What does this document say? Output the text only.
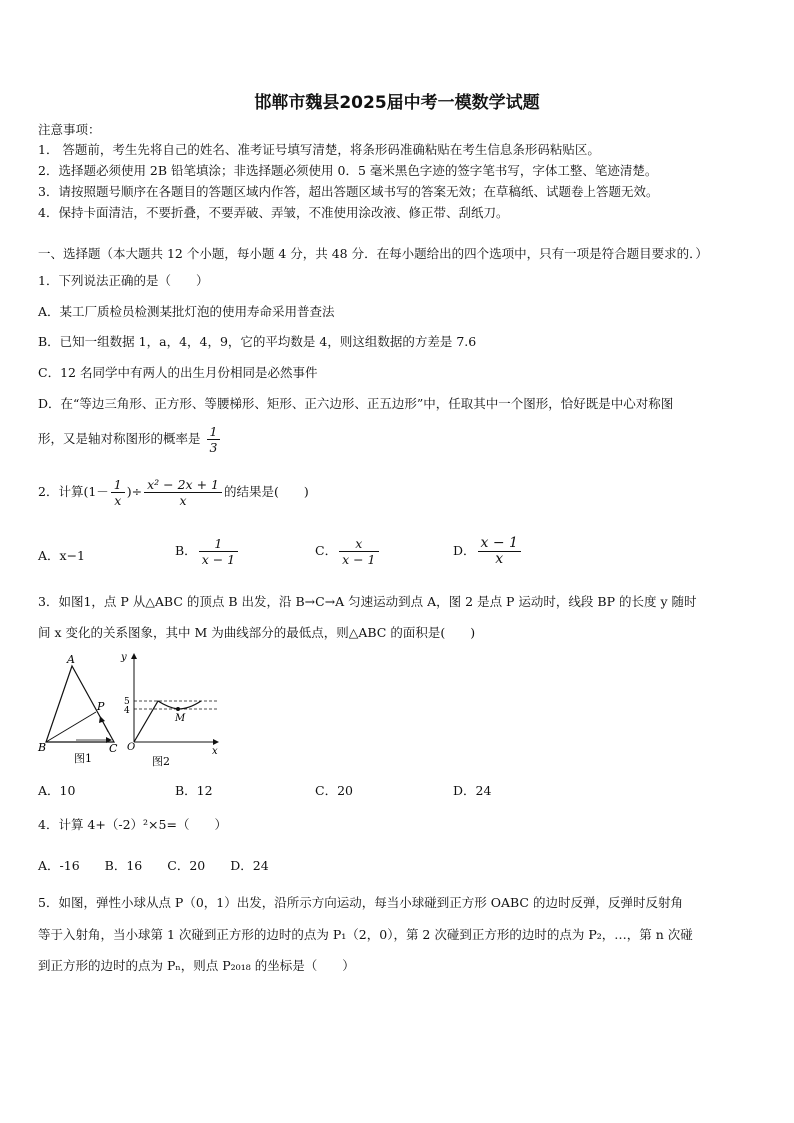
邯郸市魏县2025届中考一模数学试题
注意事项：
1． 答题前，考生先将自己的姓名、准考证号填写清楚，将条形码准确粘贴在考生信息条形码粘贴区。
2．选择题必须使用 2B 铅笔填涂；非选择题必须使用 0．5 毫米黑色字迹的签字笔书写，字体工整、笔迹清楚。
3．请按照题号顺序在各题目的答题区域内作答，超出答题区域书写的答案无效；在草稿纸、试题卷上答题无效。
4．保持卡面清洁，不要折叠，不要弄破、弄皱，不准使用涂改液、修正带、刮纸刀。
一、选择题（本大题共 12 个小题，每小题 4 分，共 48 分．在每小题给出的四个选项中，只有一项是符合题目要求的．）
1．下列说法正确的是（　　）
A．某工厂质检员检测某批灯泡的使用寿命采用普查法
B．已知一组数据 1，a，4，4，9，它的平均数是 4，则这组数据的方差是 7.6
C．12 名同学中有两人的出生月份相同是必然事件
D．在“等边三角形、正方形、等腰梯形、矩形、正六边形、正五边形”中，任取其中一个图形，恰好既是中心对称图
形，又是轴对称图形的概率是 $\frac{1}{3}$
2．计算($1- \frac{1}{x}$ )÷ $\frac{\text{x² − 2x + 1}}{x}$ 的结果是(　　)
A．x−1	B． $\frac{1}{x - 1}$	C． $\frac{x}{x - 1}$	D． $\frac{x - 1}{x}$
3．如图1，点 P 从△ABC 的顶点 B 出发，沿 B→C→A 匀速运动到点 A，图 2 是点 P 运动时，线段 BP 的长度 y 随时
间 x 变化的关系图象，其中 M 为曲线部分的最低点，则△ABC 的面积是(　　)
A
B	C
P
图1
M
y
x
O
5
4
图2
A．10	B．12	C．20	D．24
4．计算 4+（-2）²×5=（　　）
A．-16　　B．16　　C．20　　D．24
5．如图，弹性小球从点 P（0，1）出发，沿所示方向运动，每当小球碰到正方形 OABC 的边时反弹，反弹时反射角
等于入射角，当小球第 1 次碰到正方形的边时的点为 P₁（2，0），第 2 次碰到正方形的边时的点为 P₂，…，第 n 次碰
到正方形的边时的点为 Pₙ，则点 P₂₀₁₈ 的坐标是（　　）
